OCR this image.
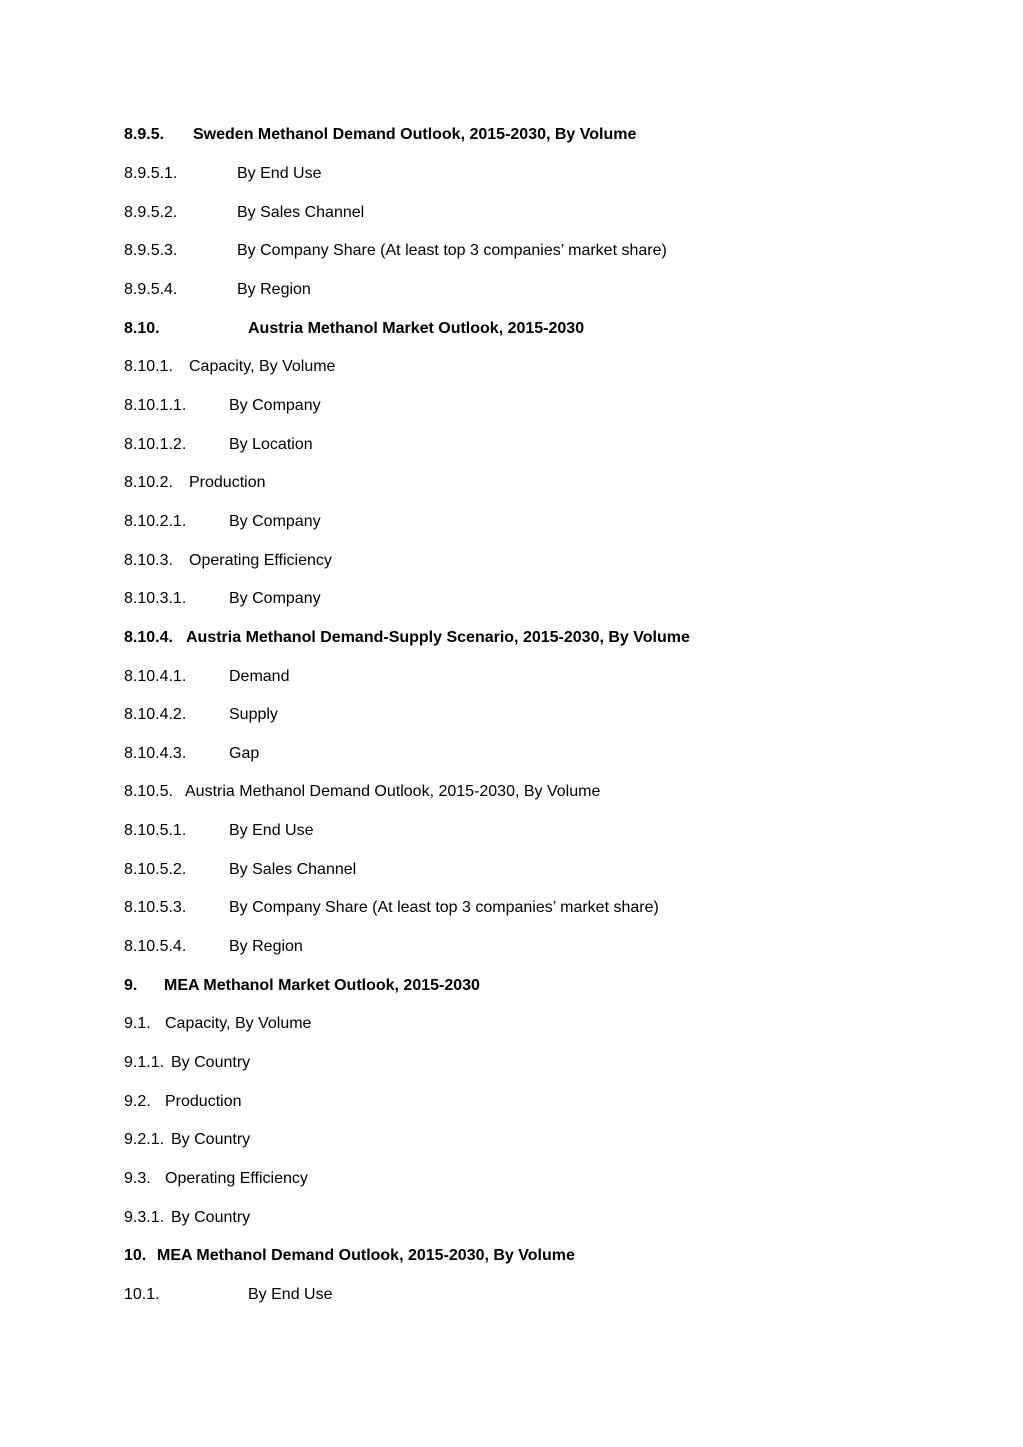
8.9.5. Sweden Methanol Demand Outlook, 2015-2030, By Volume
8.9.5.1.	By End Use
8.9.5.2.	By Sales Channel
8.9.5.3.	By Company Share (At least top 3 companies’ market share)
8.9.5.4.	By Region
8.10.	Austria Methanol Market Outlook, 2015-2030
8.10.1. Capacity, By Volume
8.10.1.1.	By Company
8.10.1.2.	By Location
8.10.2. Production
8.10.2.1.	By Company
8.10.3. Operating Efficiency
8.10.3.1.	By Company
8.10.4. Austria Methanol Demand-Supply Scenario, 2015-2030, By Volume
8.10.4.1.	Demand
8.10.4.2.	Supply
8.10.4.3.	Gap
8.10.5. Austria Methanol Demand Outlook, 2015-2030, By Volume
8.10.5.1.	By End Use
8.10.5.2.	By Sales Channel
8.10.5.3.	By Company Share (At least top 3 companies’ market share)
8.10.5.4.	By Region
9. MEA Methanol Market Outlook, 2015-2030
9.1. Capacity, By Volume
9.1.1. By Country
9.2. Production
9.2.1. By Country
9.3. Operating Efficiency
9.3.1. By Country
10. MEA Methanol Demand Outlook, 2015-2030, By Volume
10.1.	By End Use
